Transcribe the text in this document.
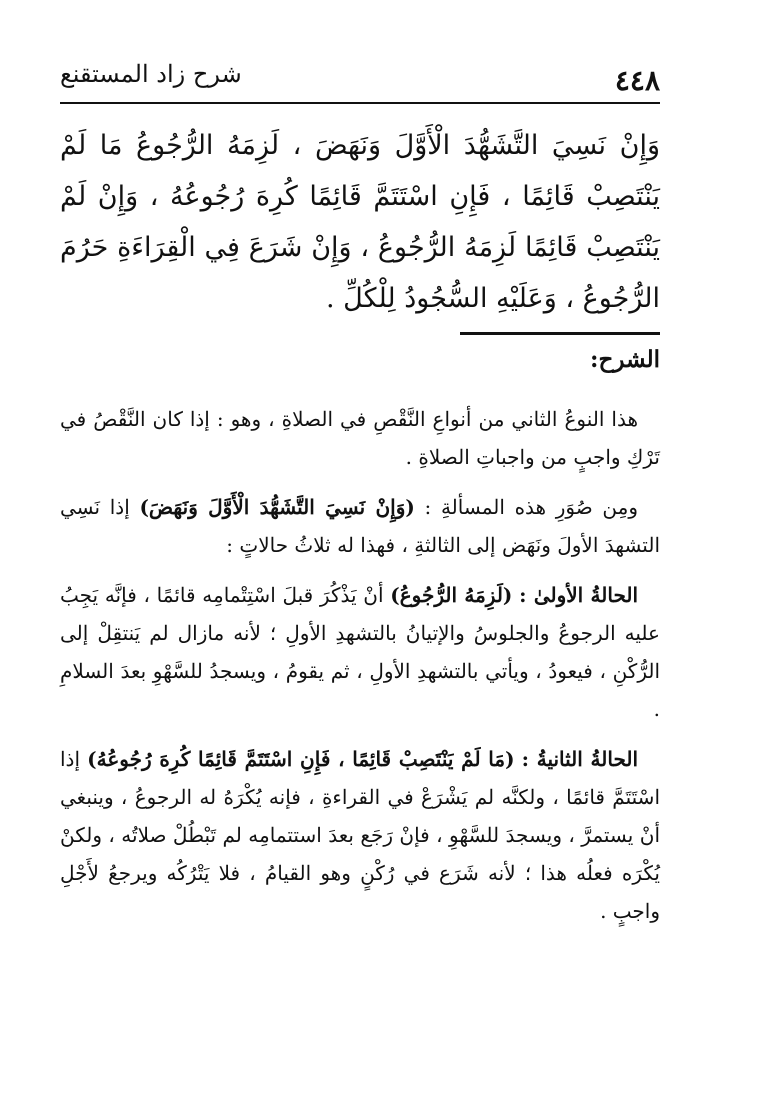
٤٤٨
شرح زاد المستقنع
وَإِنْ نَسِيَ التَّشَهُّدَ الْأَوَّلَ وَنَهَضَ ، لَزِمَهُ الرُّجُوعُ مَا لَمْ يَنْتَصِبْ قَائِمًا ، فَإِنِ اسْتَتَمَّ قَائِمًا كُرِهَ رُجُوعُهُ ، وَإِنْ لَمْ يَنْتَصِبْ قَائِمًا لَزِمَهُ الرُّجُوعُ ، وَإِنْ شَرَعَ فِي الْقِرَاءَةِ حَرُمَ الرُّجُوعُ ، وَعَلَيْهِ السُّجُودُ لِلْكُلِّ .
الشرح:

هذا النوعُ الثاني من أنواعِ النَّقْصِ في الصلاةِ ، وهو : إذا كان النَّقْصُ في تَرْكِ واجبٍ من واجباتِ الصلاةِ .

ومِن صُوَرِ هذه المسألةِ : (وَإِنْ نَسِيَ التَّشَهُّدَ الْأَوَّلَ وَنَهَضَ) إذا نَسِي التشهدَ الأولَ ونَهَض إلى الثالثةِ ، فهذا له ثلاثُ حالاتٍ :

الحالةُ الأولىٰ : (لَزِمَهُ الرُّجُوعُ) أنْ يَذْكُرَ قبلَ اسْتِتْمامِه قائمًا ، فإنَّه يَجِبُ عليه الرجوعُ والجلوسُ والإتيانُ بالتشهدِ الأولِ ؛ لأنه مازال لم يَنتقِلْ إلى الرُّكْنِ ، فيعودُ ، ويأتي بالتشهدِ الأولِ ، ثم يقومُ ، ويسجدُ للسَّهْوِ بعدَ السلامِ .

الحالةُ الثانيةُ : (مَا لَمْ يَنْتَصِبْ قَائِمًا ، فَإِنِ اسْتَتَمَّ قَائِمًا كُرِهَ رُجُوعُهُ) إذا اسْتَتَمَّ قائمًا ، ولكنَّه لم يَشْرَعْ في القراءةِ ، فإنه يُكْرَهُ له الرجوعُ ، وينبغي أنْ يستمرَّ ، ويسجدَ للسَّهْوِ ، فإنْ رَجَع بعدَ استتمامِه لم تَبْطُلْ صلاتُه ، ولكنْ يُكْرَه فعلُه هذا ؛ لأنه شَرَع في رُكْنٍ وهو القيامُ ، فلا يَتْرُكُه ويرجعُ لأَجْلِ واجبٍ .
